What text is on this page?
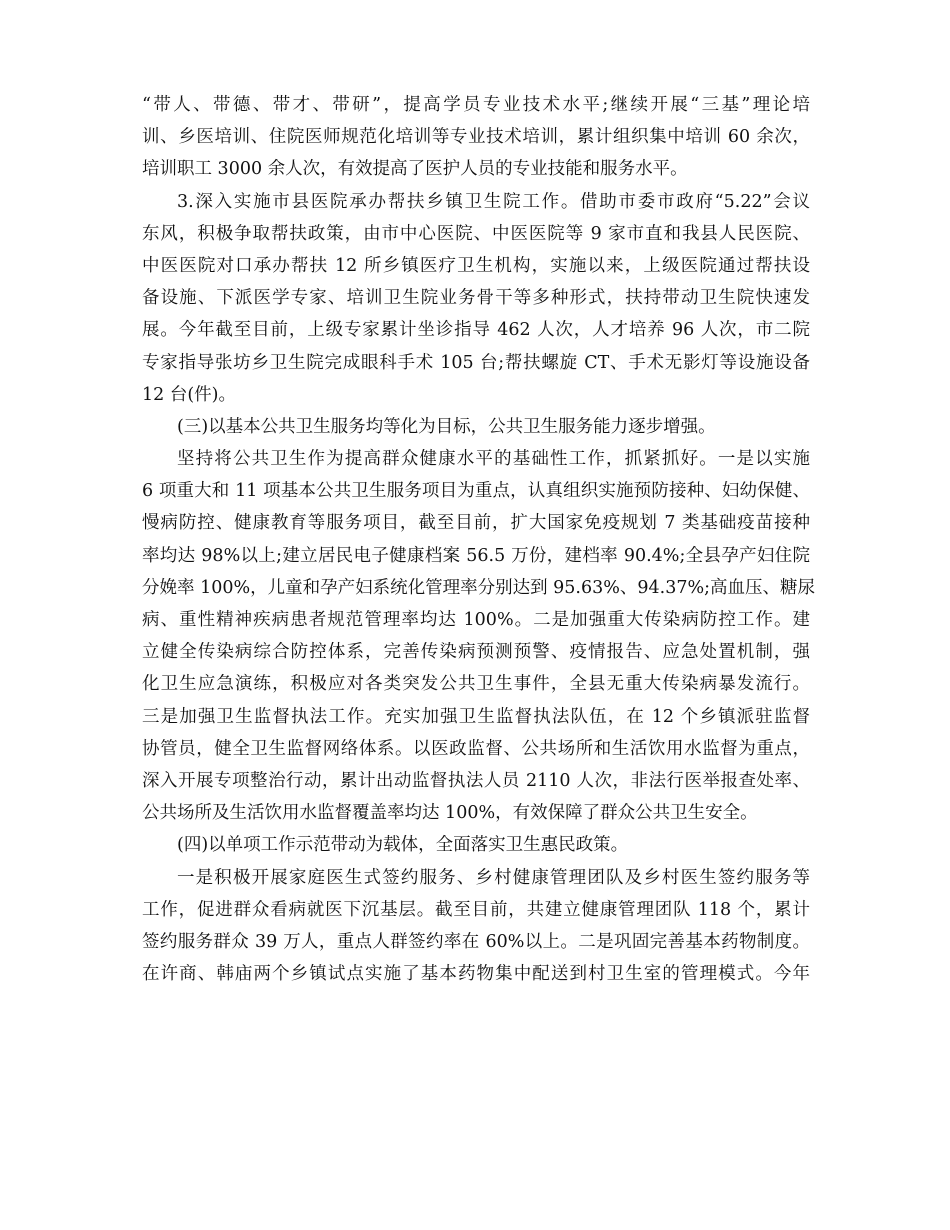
“带人、带德、带才、带研”，提高学员专业技术水平;继续开展“三基”理论培
训、乡医培训、住院医师规范化培训等专业技术培训，累计组织集中培训 60 余次，
培训职工 3000 余人次，有效提高了医护人员的专业技能和服务水平。
3.深入实施市县医院承办帮扶乡镇卫生院工作。借助市委市政府“5.22”会议
东风，积极争取帮扶政策，由市中心医院、中医医院等 9 家市直和我县人民医院、
中医医院对口承办帮扶 12 所乡镇医疗卫生机构，实施以来，上级医院通过帮扶设
备设施、下派医学专家、培训卫生院业务骨干等多种形式，扶持带动卫生院快速发
展。今年截至目前，上级专家累计坐诊指导 462 人次，人才培养 96 人次，市二院
专家指导张坊乡卫生院完成眼科手术 105 台;帮扶螺旋 CT、手术无影灯等设施设备
12 台(件)。
(三)以基本公共卫生服务均等化为目标，公共卫生服务能力逐步增强。
坚持将公共卫生作为提高群众健康水平的基础性工作，抓紧抓好。一是以实施
6 项重大和 11 项基本公共卫生服务项目为重点，认真组织实施预防接种、妇幼保健、
慢病防控、健康教育等服务项目，截至目前，扩大国家免疫规划 7 类基础疫苗接种
率均达 98%以上;建立居民电子健康档案 56.5 万份，建档率 90.4%;全县孕产妇住院
分娩率 100%，儿童和孕产妇系统化管理率分别达到 95.63%、94.37%;高血压、糖尿
病、重性精神疾病患者规范管理率均达 100%。二是加强重大传染病防控工作。建
立健全传染病综合防控体系，完善传染病预测预警、疫情报告、应急处置机制，强
化卫生应急演练，积极应对各类突发公共卫生事件，全县无重大传染病暴发流行。
三是加强卫生监督执法工作。充实加强卫生监督执法队伍，在 12 个乡镇派驻监督
协管员，健全卫生监督网络体系。以医政监督、公共场所和生活饮用水监督为重点，
深入开展专项整治行动，累计出动监督执法人员 2110 人次，非法行医举报查处率、
公共场所及生活饮用水监督覆盖率均达 100%，有效保障了群众公共卫生安全。
(四)以单项工作示范带动为载体，全面落实卫生惠民政策。
一是积极开展家庭医生式签约服务、乡村健康管理团队及乡村医生签约服务等
工作，促进群众看病就医下沉基层。截至目前，共建立健康管理团队 118 个，累计
签约服务群众 39 万人，重点人群签约率在 60%以上。二是巩固完善基本药物制度。
在许商、韩庙两个乡镇试点实施了基本药物集中配送到村卫生室的管理模式。今年
